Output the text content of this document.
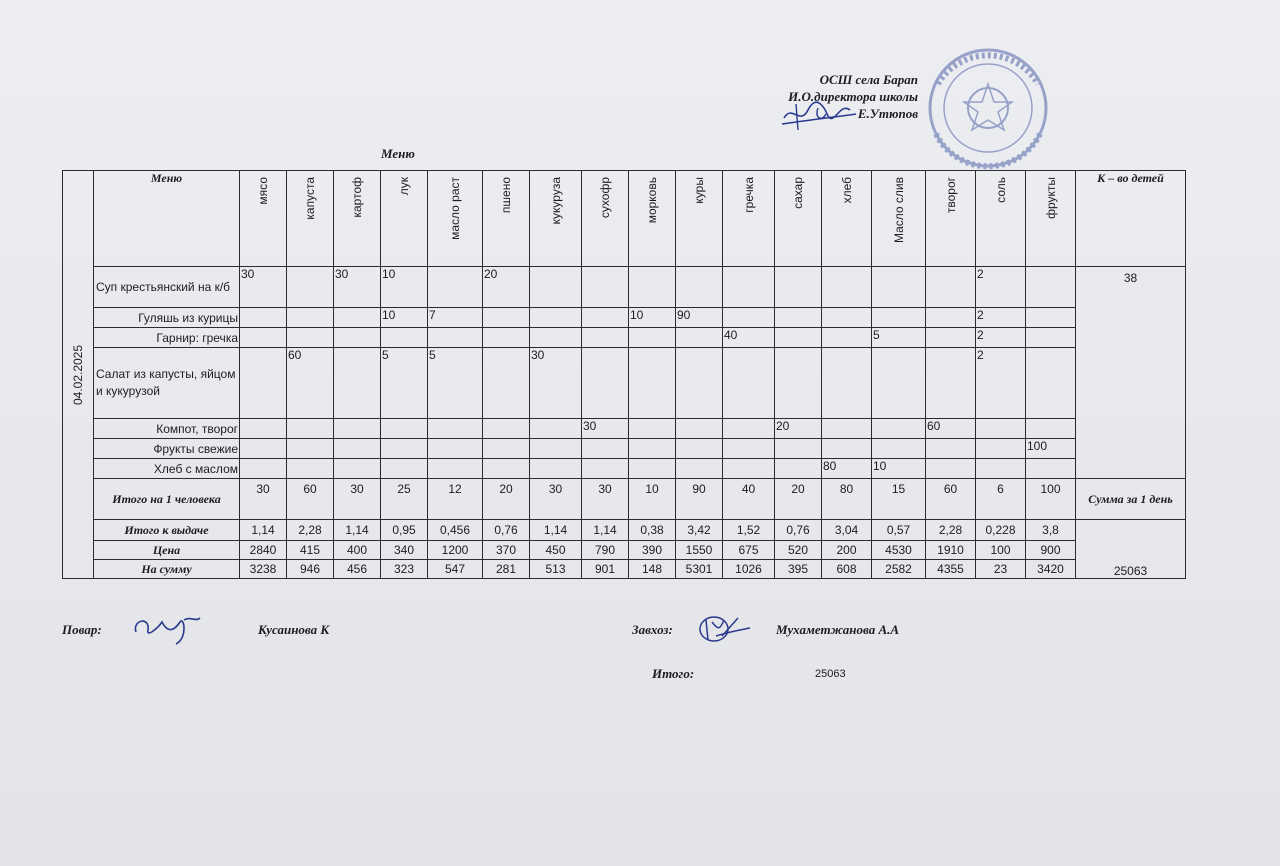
ОСШ села Барап
И.О.директора школы
Е.Утюпов
Меню
04.02.2025	Меню	мясо	капуста	картоф	лук	масло раст	пшено	кукуруза	сухофр	морковь	куры	гречка	сахар	хлеб	Масло слив	творог	соль	фрукты	К – во детей
	Суп крестьянский на к/б	30		30	10		20										2		38
	Гуляшь из курицы				10	7				10	90						2		
	Гарнир: гречка											40			5		2		
	Салат из капусты, яйцом и кукурузой		60		5	5		30									2		
	Компот, творог								30				20			60			
	Фрукты свежие																	100	
	Хлеб с маслом													80	10				
	Итого на 1 человека	30	60	30	25	12	20	30	30	10	90	40	20	80	15	60	6	100	Сумма за 1 день
	Итого к выдаче	1,14	2,28	1,14	0,95	0,456	0,76	1,14	1,14	0,38	3,42	1,52	0,76	3,04	0,57	2,28	0,228	3,8	25063
	Цена	2840	415	400	340	1200	370	450	790	390	1550	675	520	200	4530	1910	100	900	
	На сумму	3238	946	456	323	547	281	513	901	148	5301	1026	395	608	2582	4355	23	3420	
Повар:	Кусаинова К	Завхоз:	Мухаметжанова А.А
Итого:	25063
